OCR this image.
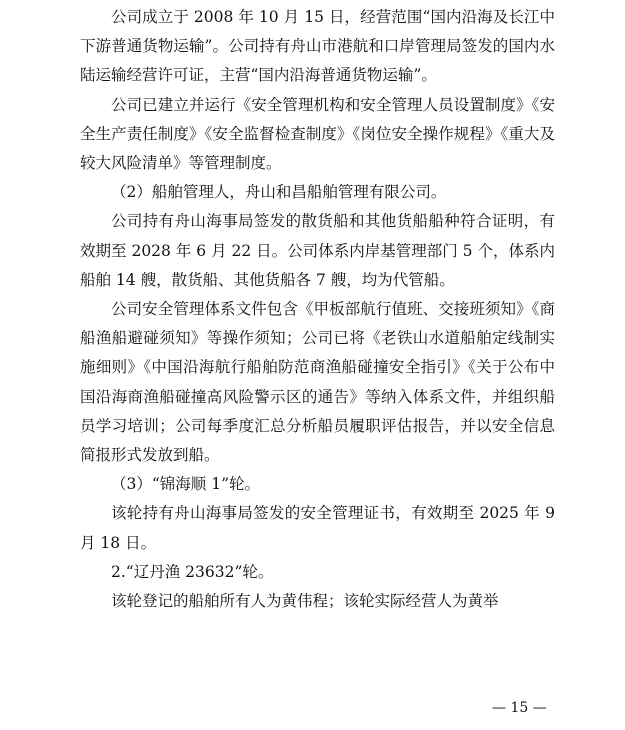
公司成立于 2008 年 10 月 15 日，经营范围“国内沿海及长江中下游普通货物运输”。公司持有舟山市港航和口岸管理局签发的国内水陆运输经营许可证，主营“国内沿海普通货物运输”。

公司已建立并运行《安全管理机构和安全管理人员设置制度》《安全生产责任制度》《安全监督检查制度》《岗位安全操作规程》《重大及较大风险清单》等管理制度。

（2）船舶管理人，舟山和昌船舶管理有限公司。

公司持有舟山海事局签发的散货船和其他货船船种符合证明，有效期至 2028 年 6 月 22 日。公司体系内岸基管理部门 5 个，体系内船舶 14 艘，散货船、其他货船各 7 艘，均为代管船。

公司安全管理体系文件包含《甲板部航行值班、交接班须知》《商船渔船避碰须知》等操作须知；公司已将《老铁山水道船舶定线制实施细则》《中国沿海航行船舶防范商渔船碰撞安全指引》《关于公布中国沿海商渔船碰撞高风险警示区的通告》等纳入体系文件，并组织船员学习培训；公司每季度汇总分析船员履职评估报告，并以安全信息简报形式发放到船。

（3）“锦海顺 1”轮。

该轮持有舟山海事局签发的安全管理证书，有效期至 2025 年 9 月 18 日。

2.“辽丹渔 23632”轮。

该轮登记的船舶所有人为黄伟程；该轮实际经营人为黄举

— 15 —
